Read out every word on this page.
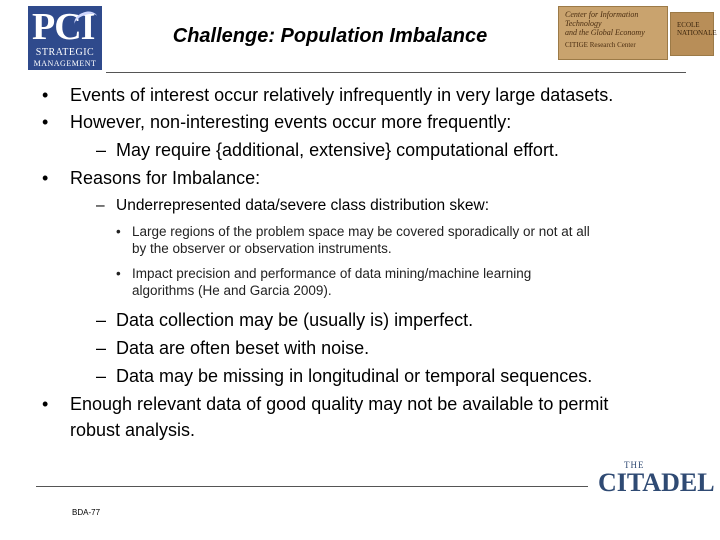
PCI
STRATEGIC
MANAGEMENT
Challenge: Population Imbalance
Center for Information Technology
and the Global Economy
CITIGE Research Center
ECOLE NATIONALE
• Events of interest occur relatively infrequently in very large datasets.
• However, non-interesting events occur more frequently:
– May require {additional, extensive} computational effort.
• Reasons for Imbalance:
– Underrepresented data/severe class distribution skew:
• Large regions of the problem space may be covered sporadically or not at all
by the observer or observation instruments.
• Impact precision and performance of data mining/machine learning
algorithms (He and Garcia 2009).
– Data collection may be (usually is) imperfect.
– Data are often beset with noise.
– Data may be missing in longitudinal or temporal sequences.
• Enough relevant data of good quality may not be available to permit
robust analysis.
BDA-77
THE
CITADEL
